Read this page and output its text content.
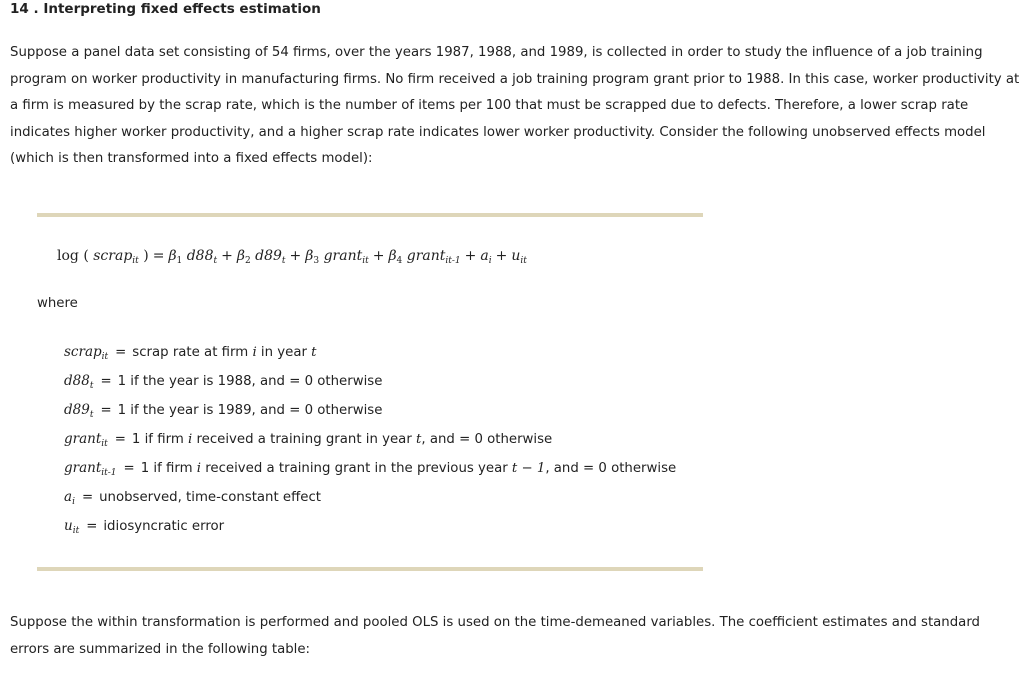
14 . Interpreting fixed effects estimation
Suppose a panel data set consisting of 54 firms, over the years 1987, 1988, and 1989, is collected in order to study the influence of a job training program on worker productivity in manufacturing firms. No firm received a job training program grant prior to 1988. In this case, worker productivity at a firm is measured by the scrap rate, which is the number of items per 100 that must be scrapped due to defects. Therefore, a lower scrap rate indicates higher worker productivity, and a higher scrap rate indicates lower worker productivity. Consider the following unobserved effects model (which is then transformed into a fixed effects model):
log ( scrap$_{it}$ ) = $\beta_1$ $d88_t + \beta_2$ $d89_t + \beta_3$ grant$_{it}$ + $\beta_4$ grant$_{it-1}$ + $a_i + u_{it}$
where
scrap$_{it}$ = scrap rate at firm i in year t
$d88_t = 1$ if the year is 1988, and = 0 otherwise
$d89_t = 1$ if the year is 1989, and = 0 otherwise
grant$_{it}$ = 1 if firm i received a training grant in year t, and = 0 otherwise
grant$_{it-1}$ = 1 if firm i received a training grant in the previous year t − 1, and = 0 otherwise
$a_i$ = unobserved, time-constant effect
$u_{it}$ = idiosyncratic error
Suppose the within transformation is performed and pooled OLS is used on the time-demeaned variables. The coefficient estimates and standard errors are summarized in the following table:
